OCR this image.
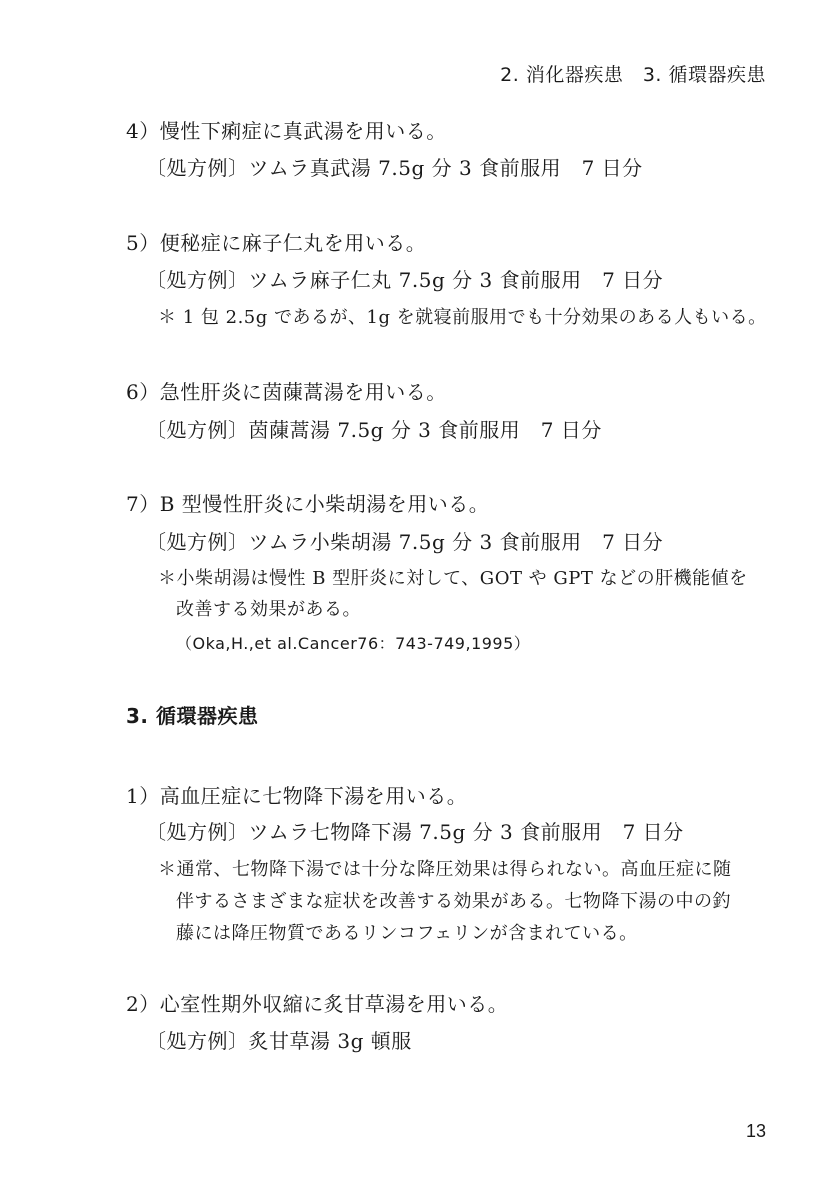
2. 消化器疾患　3. 循環器疾患
4）慢性下痢症に真武湯を用いる。
〔処方例〕ツムラ真武湯 7.5g 分 3 食前服用　7 日分
5）便秘症に麻子仁丸を用いる。
〔処方例〕ツムラ麻子仁丸 7.5g 分 3 食前服用　7 日分
＊ 1 包 2.5g であるが、1g を就寝前服用でも十分効果のある人もいる。
6）急性肝炎に茵蔯蒿湯を用いる。
〔処方例〕茵蔯蒿湯 7.5g 分 3 食前服用　7 日分
7）B 型慢性肝炎に小柴胡湯を用いる。
〔処方例〕ツムラ小柴胡湯 7.5g 分 3 食前服用　7 日分
＊小柴胡湯は慢性 B 型肝炎に対して、GOT や GPT などの肝機能値を
改善する効果がある。
（Oka,H.,et al.Cancer76：743-749,1995）
3. 循環器疾患
1）高血圧症に七物降下湯を用いる。
〔処方例〕ツムラ七物降下湯 7.5g 分 3 食前服用　7 日分
＊通常、七物降下湯では十分な降圧効果は得られない。高血圧症に随
伴するさまざまな症状を改善する効果がある。七物降下湯の中の釣
藤には降圧物質であるリンコフェリンが含まれている。
2）心室性期外収縮に炙甘草湯を用いる。
〔処方例〕炙甘草湯 3g 頓服
13
